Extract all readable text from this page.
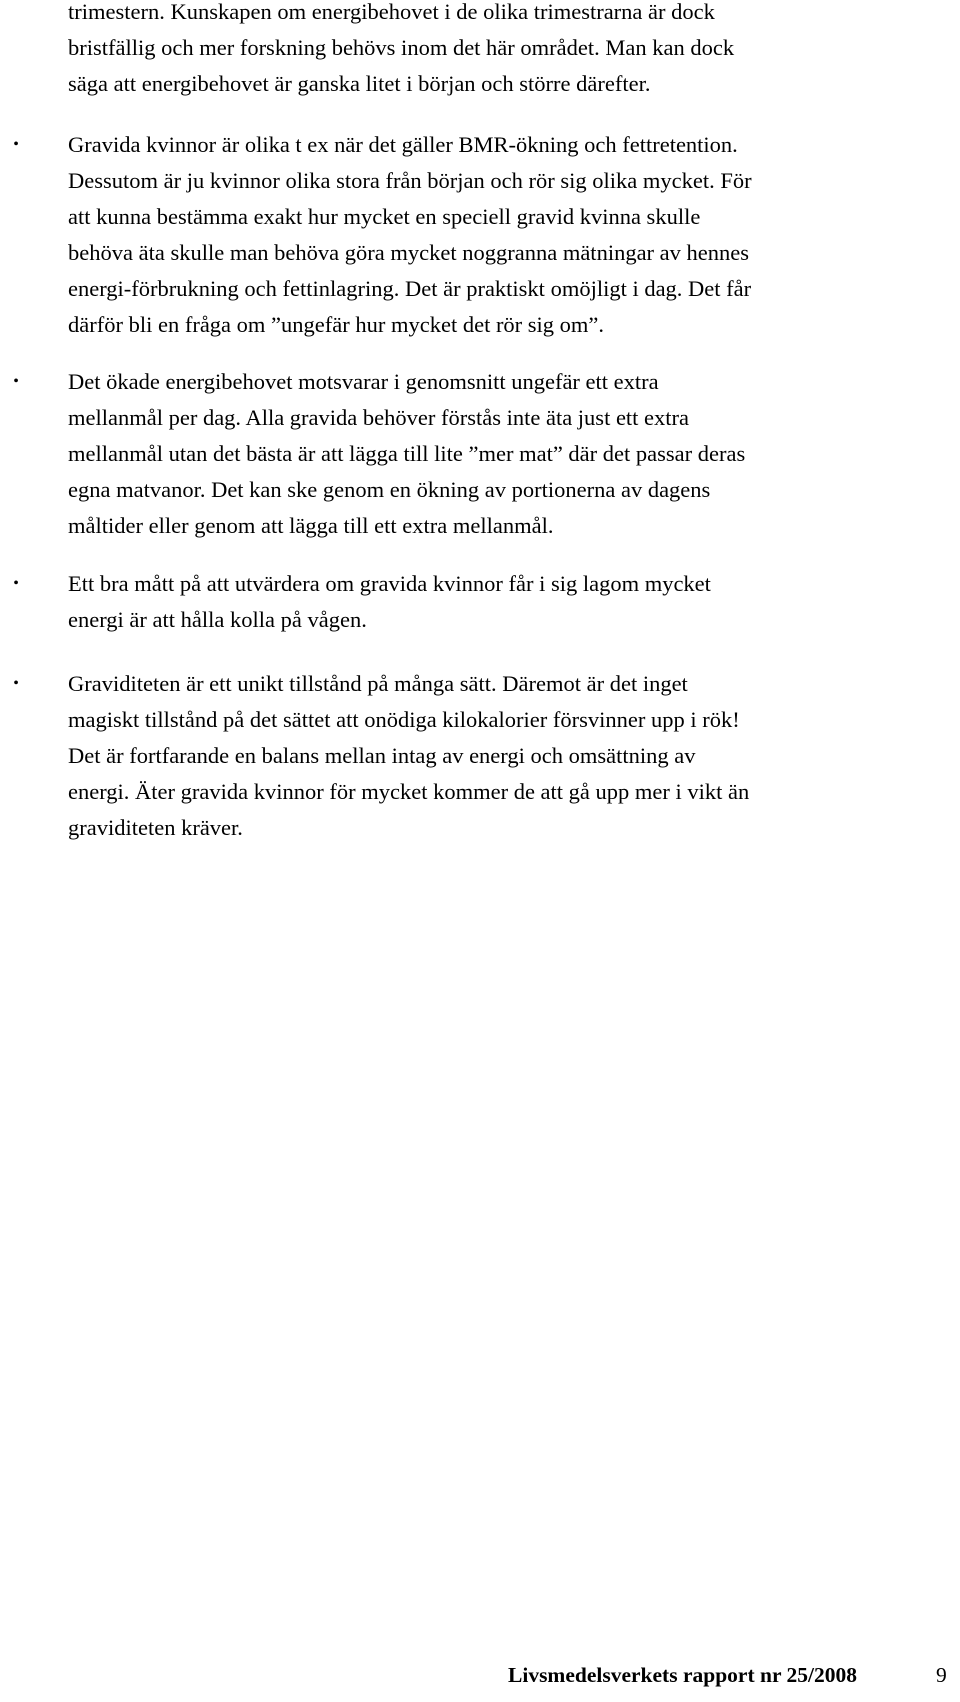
trimestern. Kunskapen om energibehovet i de olika trimestrarna är dock
bristfällig och mer forskning behövs inom det här området. Man kan dock
säga att energibehovet är ganska litet i början och större därefter.
•	Gravida kvinnor är olika t ex när det gäller BMR-ökning och fettretention.
Dessutom är ju kvinnor olika stora från början och rör sig olika mycket. För
att kunna bestämma exakt hur mycket en speciell gravid kvinna skulle
behöva äta skulle man behöva göra mycket noggranna mätningar av hennes
energi-förbrukning och fettinlagring. Det är praktiskt omöjligt i dag. Det får
därför bli en fråga om ”ungefär hur mycket det rör sig om”.
•	Det ökade energibehovet motsvarar i genomsnitt ungefär ett extra
mellanmål per dag. Alla gravida behöver förstås inte äta just ett extra
mellanmål utan det bästa är att lägga till lite ”mer mat” där det passar deras
egna matvanor. Det kan ske genom en ökning av portionerna av dagens
måltider eller genom att lägga till ett extra mellanmål.
•	Ett bra mått på att utvärdera om gravida kvinnor får i sig lagom mycket
energi är att hålla kolla på vågen.
•	Graviditeten är ett unikt tillstånd på många sätt. Däremot är det inget
magiskt tillstånd på det sättet att onödiga kilokalorier försvinner upp i rök!
Det är fortfarande en balans mellan intag av energi och omsättning av
energi. Äter gravida kvinnor för mycket kommer de att gå upp mer i vikt än
graviditeten kräver.
Livsmedelsverkets rapport nr 25/2008	9
